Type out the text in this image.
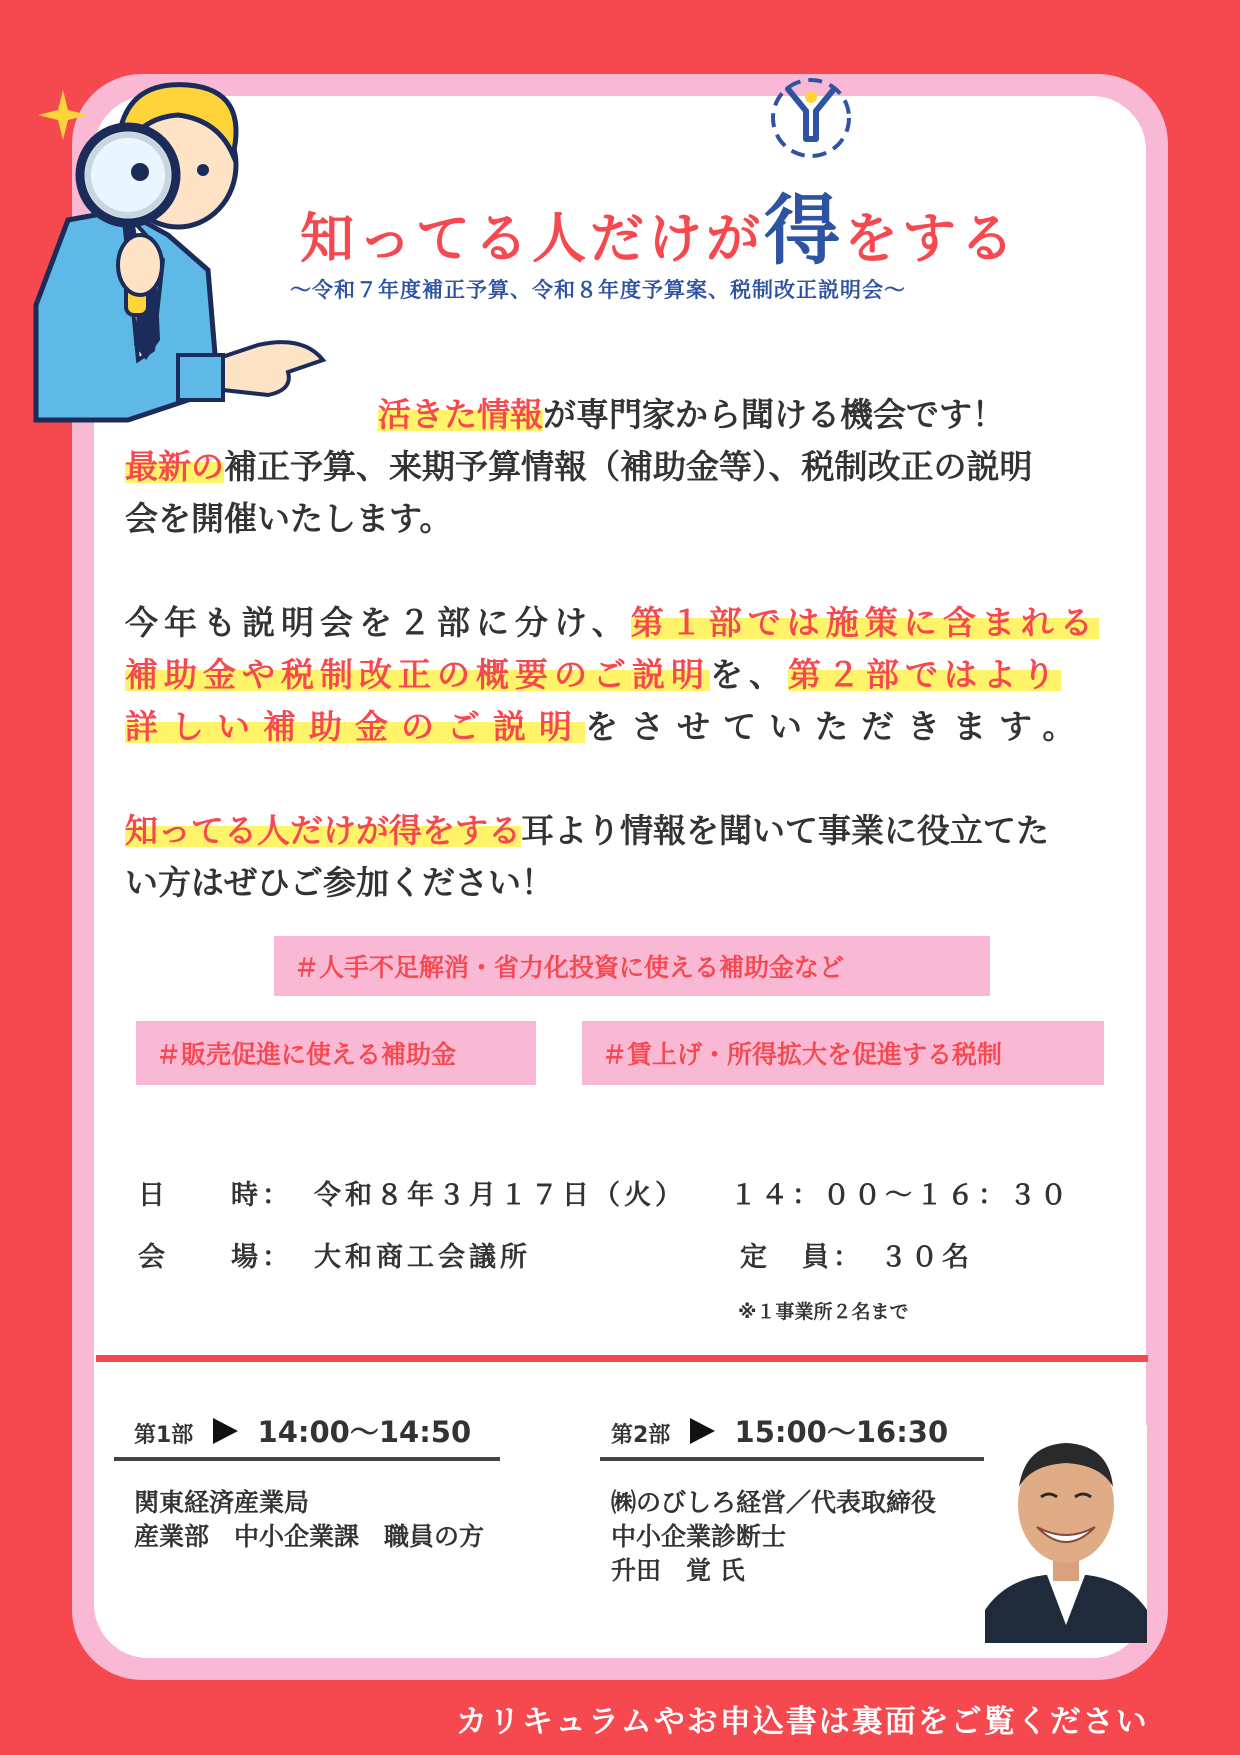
知ってる人だけが得をする
〜令和７年度補正予算、令和８年度予算案、税制改正説明会〜
活きた情報が専門家から聞ける機会です！
最新の補正予算、来期予算情報（補助金等）、税制改正の説明
会を開催いたします。
今年も説明会を２部に分け、第１部では施策に含まれる
補助金や税制改正の概要のご説明を、第２部ではより
詳しい補助金のご説明をさせていただきます。
知ってる人だけが得をする耳より情報を聞いて事業に役立てた
い方はぜひご参加ください！
＃人手不足解消・省力化投資に使える補助金など
＃販売促進に使える補助金	＃賃上げ・所得拡大を促進する税制
日　　時： 令和８年３月１７日（火） １４：００〜１６：３０
会　　場： 大和商工会議所	定　員： ３０名
※１事業所２名まで
第1部 14:00〜14:50
関東経済産業局
産業部　中小企業課　職員の方
第2部 15:00〜16:30
㈱のびしろ経営／代表取締役
中小企業診断士
升田　覚 氏
カリキュラムやお申込書は裏面をご覧ください
